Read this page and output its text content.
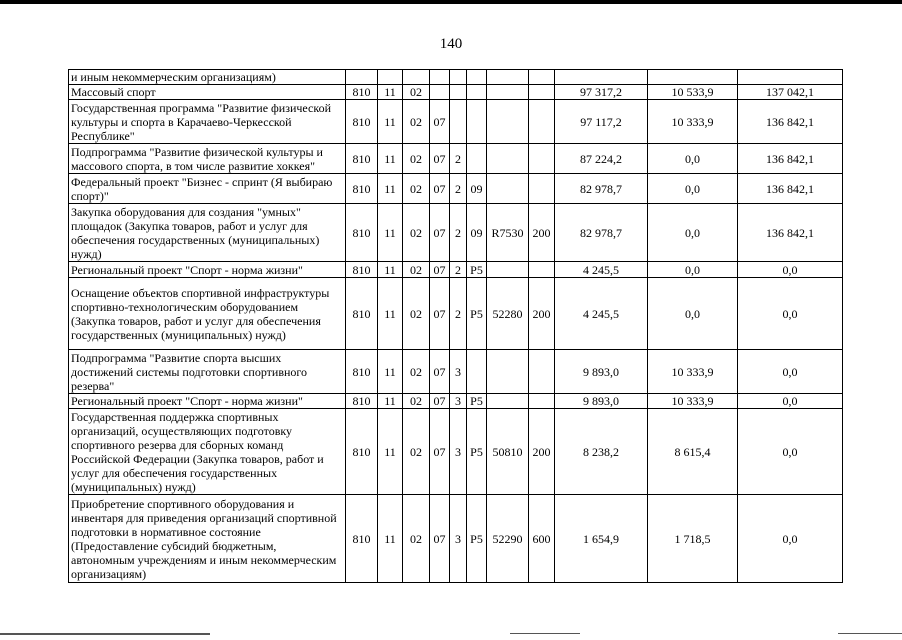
140
и иным некоммерческим организациям)											
Массовый спорт	810	11	02						97 317,2	10 533,9	137 042,1
Государственная программа "Развитие физической культуры и спорта в Карачаево-Черкесской Республике"	810	11	02	07					97 117,2	10 333,9	136 842,1
Подпрограмма "Развитие физической культуры и массового спорта, в том числе развитие хоккея"	810	11	02	07	2				87 224,2	0,0	136 842,1
Федеральный проект "Бизнес - спринт (Я выбираю спорт)"	810	11	02	07	2	09			82 978,7	0,0	136 842,1
Закупка оборудования для создания "умных" площадок (Закупка товаров, работ и услуг для обеспечения государственных (муниципальных) нужд)	810	11	02	07	2	09	R7530	200	82 978,7	0,0	136 842,1
Региональный проект "Спорт - норма жизни"	810	11	02	07	2	P5			4 245,5	0,0	0,0
Оснащение объектов спортивной инфраструктуры спортивно-технологическим оборудованием (Закупка товаров, работ и услуг для обеспечения государственных (муниципальных) нужд)	810	11	02	07	2	P5	52280	200	4 245,5	0,0	0,0
Подпрограмма "Развитие спорта высших достижений системы подготовки спортивного резерва"	810	11	02	07	3				9 893,0	10 333,9	0,0
Региональный проект "Спорт - норма жизни"	810	11	02	07	3	P5			9 893,0	10 333,9	0,0
Государственная поддержка спортивных организаций, осуществляющих подготовку спортивного резерва для сборных команд Российской Федерации (Закупка товаров, работ и услуг для обеспечения государственных (муниципальных) нужд)	810	11	02	07	3	P5	50810	200	8 238,2	8 615,4	0,0
Приобретение спортивного оборудования и инвентаря для приведения организаций спортивной подготовки в нормативное состояние (Предоставление субсидий бюджетным, автономным учреждениям и иным некоммерческим организациям)	810	11	02	07	3	P5	52290	600	1 654,9	1 718,5	0,0
